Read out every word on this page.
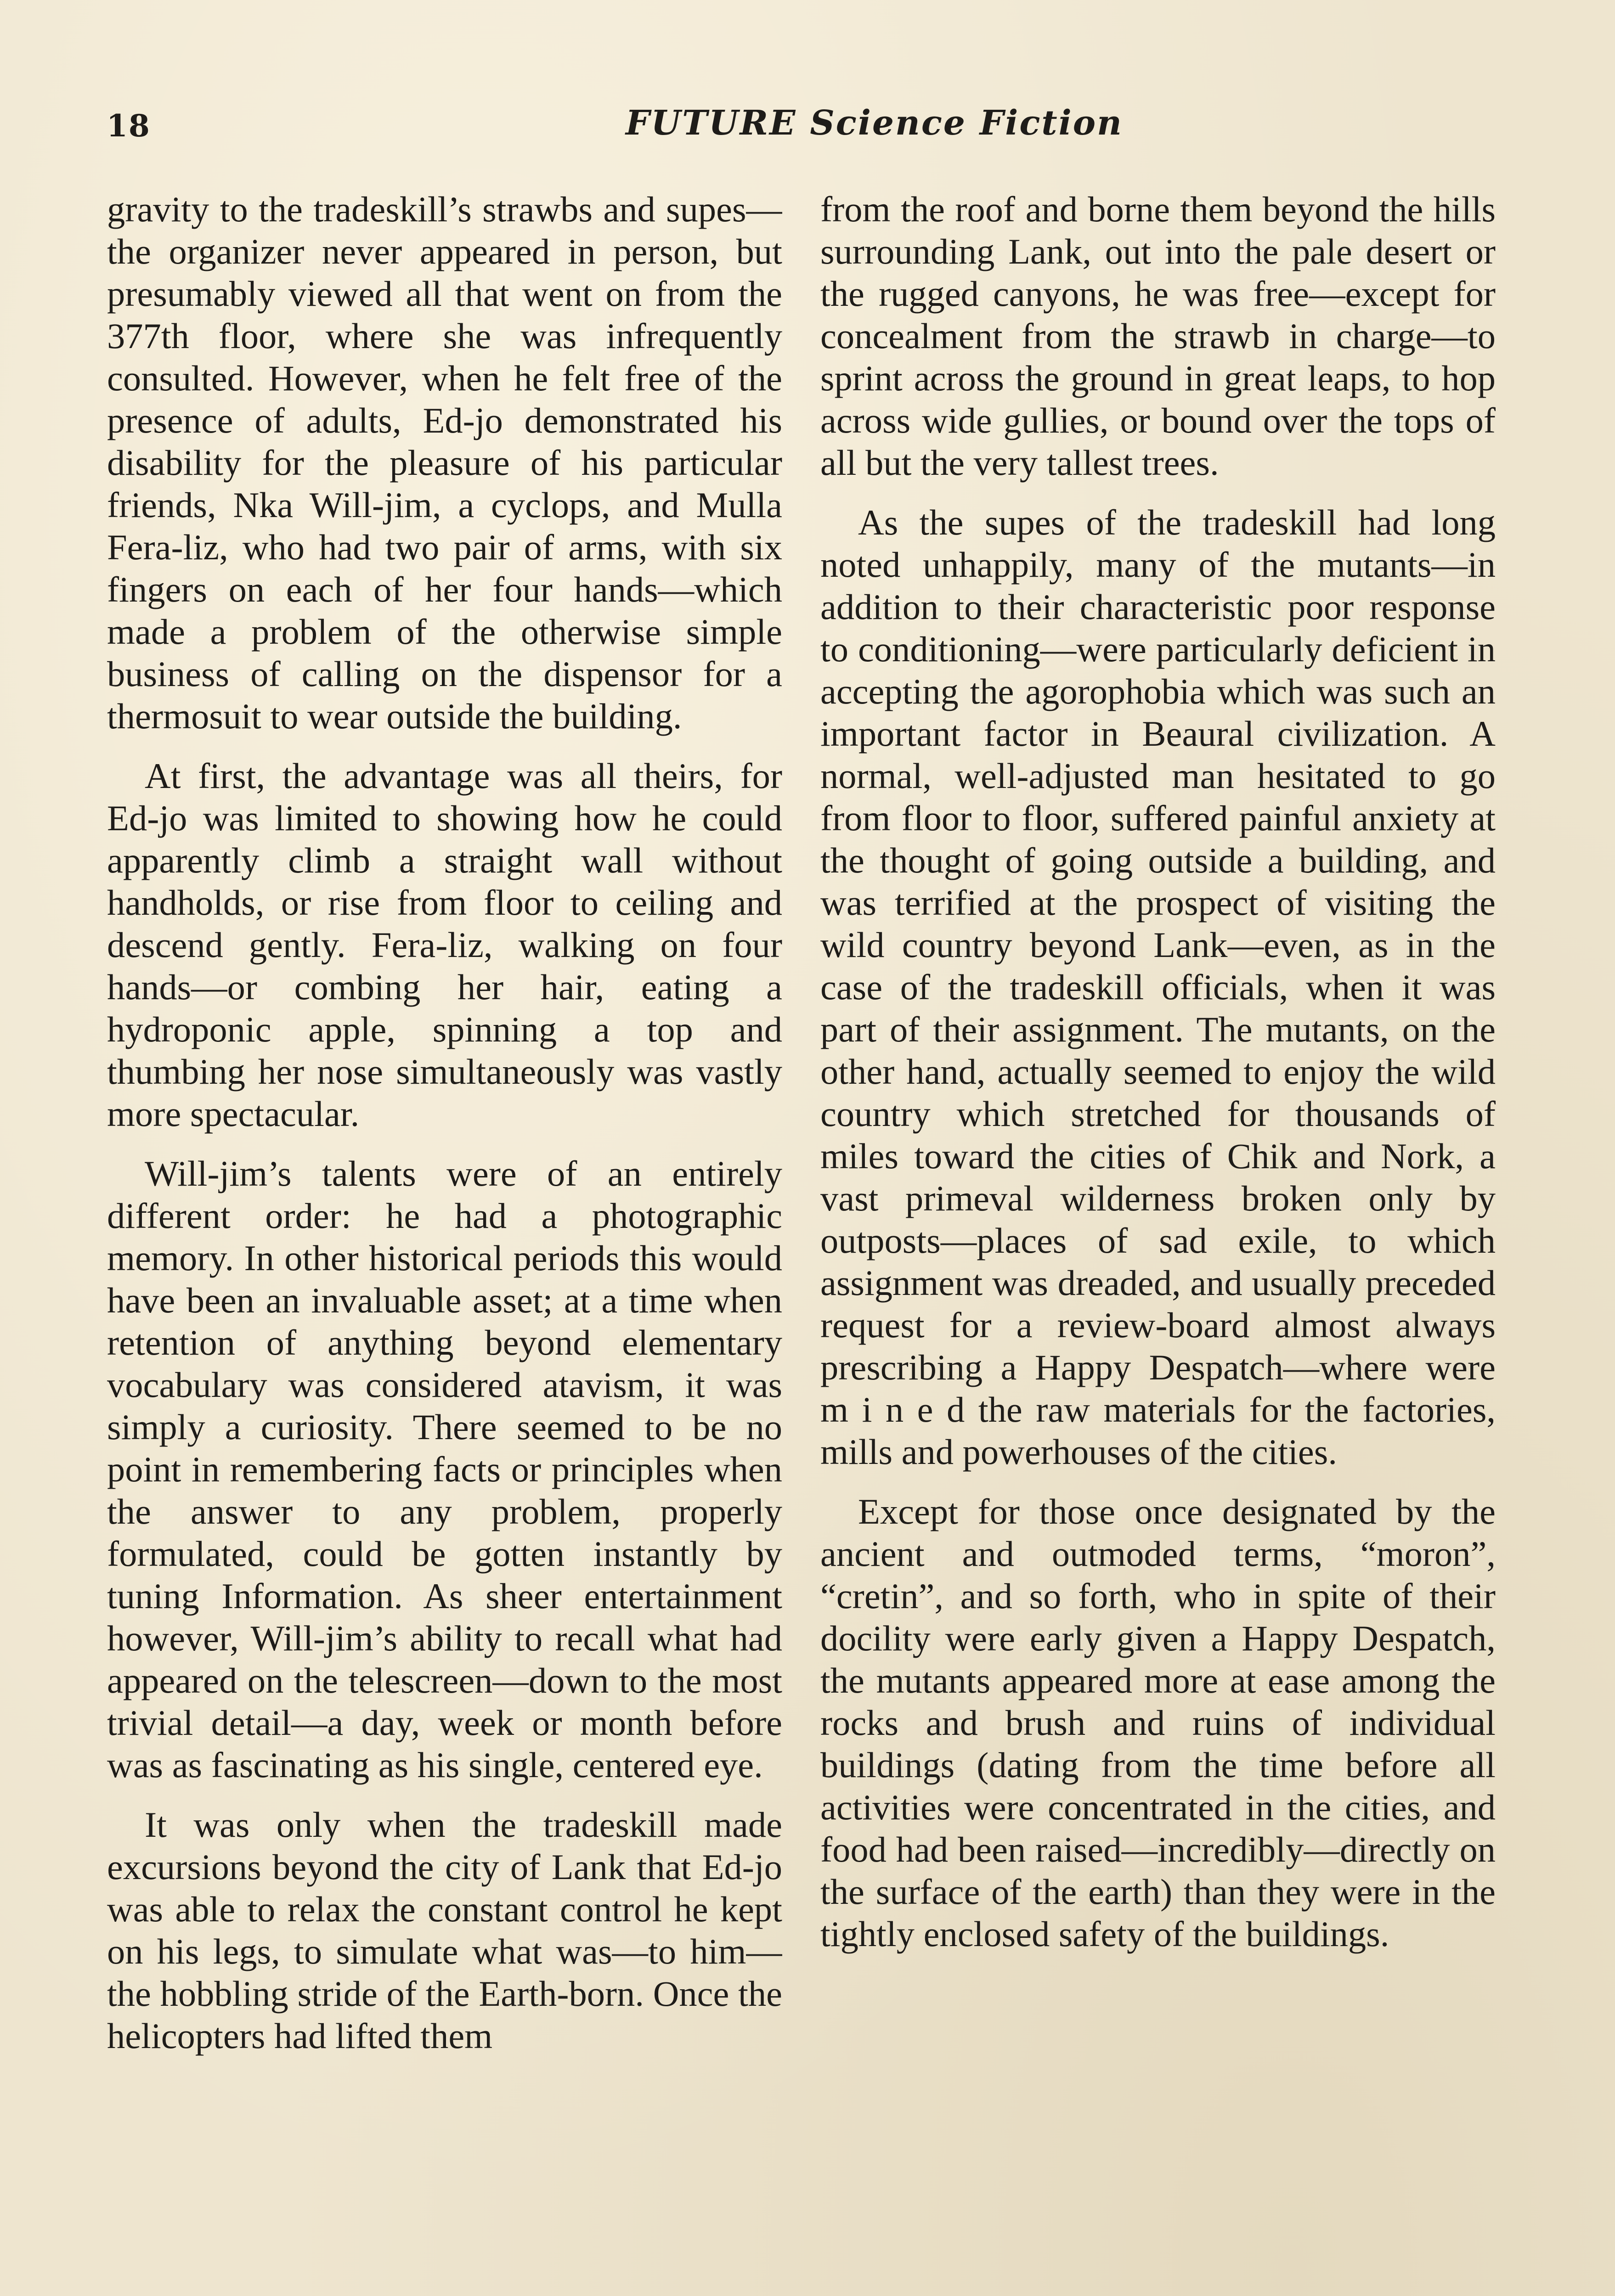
18	FUTURE Science Fiction

gravity to the tradeskill’s strawbs and supes—the organizer never appeared in person, but presumably viewed all that went on from the 377th floor, where she was infrequently consulted. However, when he felt free of the presence of adults, Ed-jo demonstrated his disability for the pleasure of his particular friends, Nka Will-jim, a cyclops, and Mulla Fera-liz, who had two pair of arms, with six fingers on each of her four hands—which made a problem of the otherwise simple business of calling on the dispensor for a thermosuit to wear outside the building.

At first, the advantage was all theirs, for Ed-jo was limited to showing how he could apparently climb a straight wall without handholds, or rise from floor to ceiling and descend gently. Fera-liz, walking on four hands—or combing her hair, eating a hydroponic apple, spinning a top and thumbing her nose simultaneously was vastly more spectacular.

Will-jim’s talents were of an entirely different order: he had a photographic memory. In other historical periods this would have been an invaluable asset; at a time when retention of anything beyond elementary vocabulary was considered atavism, it was simply a curiosity. There seemed to be no point in remembering facts or principles when the answer to any problem, properly formulated, could be gotten instantly by tuning Information. As sheer entertainment however, Will-jim’s ability to recall what had appeared on the telescreen—down to the most trivial detail—a day, week or month before was as fascinating as his single, centered eye.

It was only when the tradeskill made excursions beyond the city of Lank that Ed-jo was able to relax the constant control he kept on his legs, to simulate what was—to him—the hobbling stride of the Earth-born. Once the helicopters had lifted them

from the roof and borne them beyond the hills surrounding Lank, out into the pale desert or the rugged canyons, he was free—except for concealment from the strawb in charge—to sprint across the ground in great leaps, to hop across wide gullies, or bound over the tops of all but the very tallest trees.

As the supes of the tradeskill had long noted unhappily, many of the mutants—in addition to their characteristic poor response to conditioning—were particularly deficient in accepting the agorophobia which was such an important factor in Beaural civilization. A normal, well-adjusted man hesitated to go from floor to floor, suffered painful anxiety at the thought of going outside a building, and was terrified at the prospect of visiting the wild country beyond Lank—even, as in the case of the tradeskill officials, when it was part of their assignment. The mutants, on the other hand, actually seemed to enjoy the wild country which stretched for thousands of miles toward the cities of Chik and Nork, a vast primeval wilderness broken only by outposts—places of sad exile, to which assignment was dreaded, and usually preceded request for a review-board almost always prescribing a Happy Despatch—where were m i n e d the raw materials for the factories, mills and powerhouses of the cities.

Except for those once designated by the ancient and outmoded terms, “moron”, “cretin”, and so forth, who in spite of their docility were early given a Happy Despatch, the mutants appeared more at ease among the rocks and brush and ruins of individual buildings (dating from the time before all activities were concentrated in the cities, and food had been raised—incredibly—directly on the surface of the earth) than they were in the tightly enclosed safety of the buildings.
